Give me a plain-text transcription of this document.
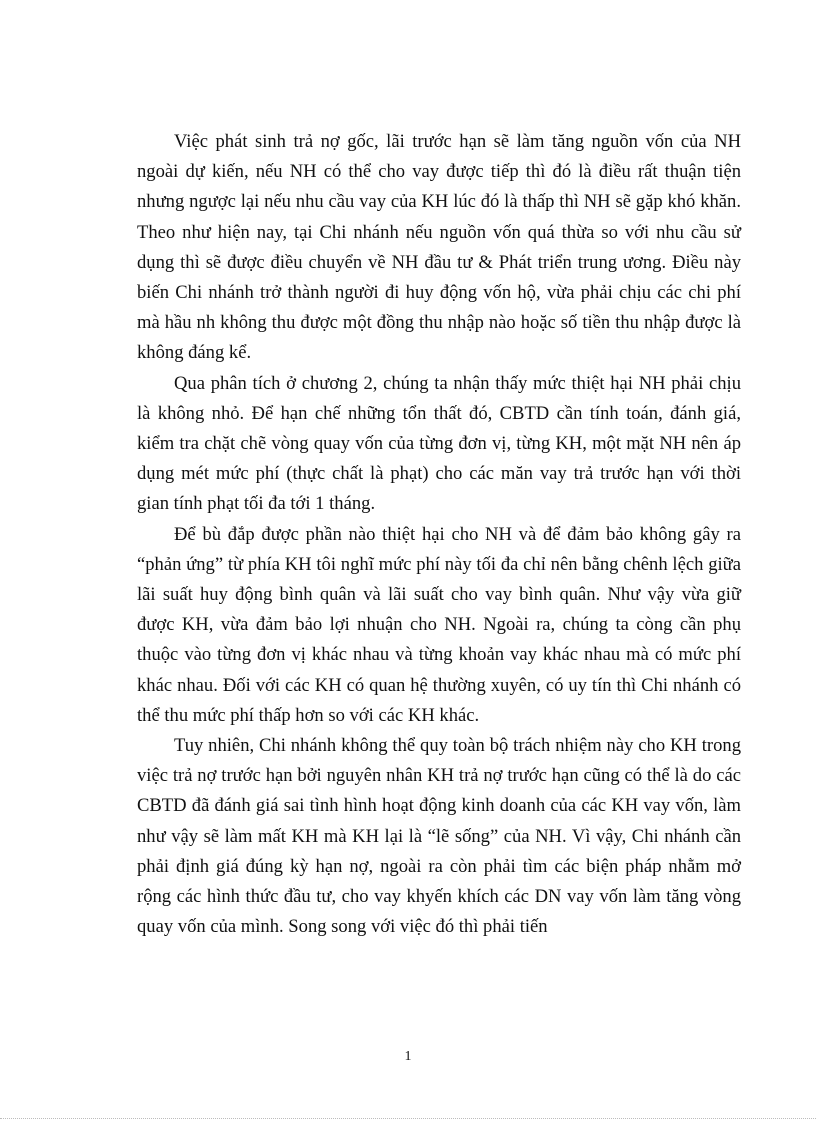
Việc phát sinh trả nợ gốc, lãi trước hạn sẽ làm tăng nguồn vốn của NH ngoài dự kiến, nếu NH có thể cho vay được tiếp thì đó là điều rất thuận tiện nhưng ngược lại nếu nhu cầu vay của KH lúc đó là thấp thì NH sẽ gặp khó khăn. Theo như hiện nay, tại Chi nhánh nếu nguồn vốn quá thừa so với nhu cầu sử dụng thì sẽ được điều chuyển về NH đầu tư & Phát triển trung ương. Điều này biến Chi nhánh trở thành người đi huy động vốn hộ, vừa phải chịu các chi phí mà hầu nh không thu được một đồng thu nhập nào hoặc số tiền thu nhập được là không đáng kể.

Qua phân tích ở chương 2, chúng ta nhận thấy mức thiệt hại NH phải chịu là không nhỏ. Để hạn chế những tổn thất đó, CBTD cần tính toán, đánh giá, kiểm tra chặt chẽ vòng quay vốn của từng đơn vị, từng KH, một mặt NH nên áp dụng mét mức phí (thực chất là phạt) cho các măn vay trả trước hạn với thời gian tính phạt tối đa tới 1 tháng.

Để bù đắp được phần nào thiệt hại cho NH và để đảm bảo không gây ra “phản ứng” từ phía KH tôi nghĩ mức phí này tối đa chỉ nên bằng chênh lệch giữa lãi suất huy động bình quân và lãi suất cho vay bình quân. Như vậy vừa giữ được KH, vừa đảm bảo lợi nhuận cho NH. Ngoài ra, chúng ta còng cần phụ thuộc vào từng đơn vị khác nhau và từng khoản vay khác nhau mà có mức phí khác nhau. Đối với các KH có quan hệ thường xuyên, có uy tín thì Chi nhánh có thể thu mức phí thấp hơn so với các KH khác.

Tuy nhiên, Chi nhánh không thể quy toàn bộ trách nhiệm này cho KH trong việc trả nợ trước hạn bởi nguyên nhân KH trả nợ trước hạn cũng có thể là do các CBTD đã đánh giá sai tình hình hoạt động kinh doanh của các KH vay vốn, làm như vậy sẽ làm mất KH mà KH lại là “lẽ sống” của NH. Vì vậy, Chi nhánh cần phải định giá đúng kỳ hạn nợ, ngoài ra còn phải tìm các biện pháp nhằm mở rộng các hình thức đầu tư, cho vay khyến khích các DN vay vốn làm tăng vòng quay vốn của mình. Song song với việc đó thì phải tiến

1
